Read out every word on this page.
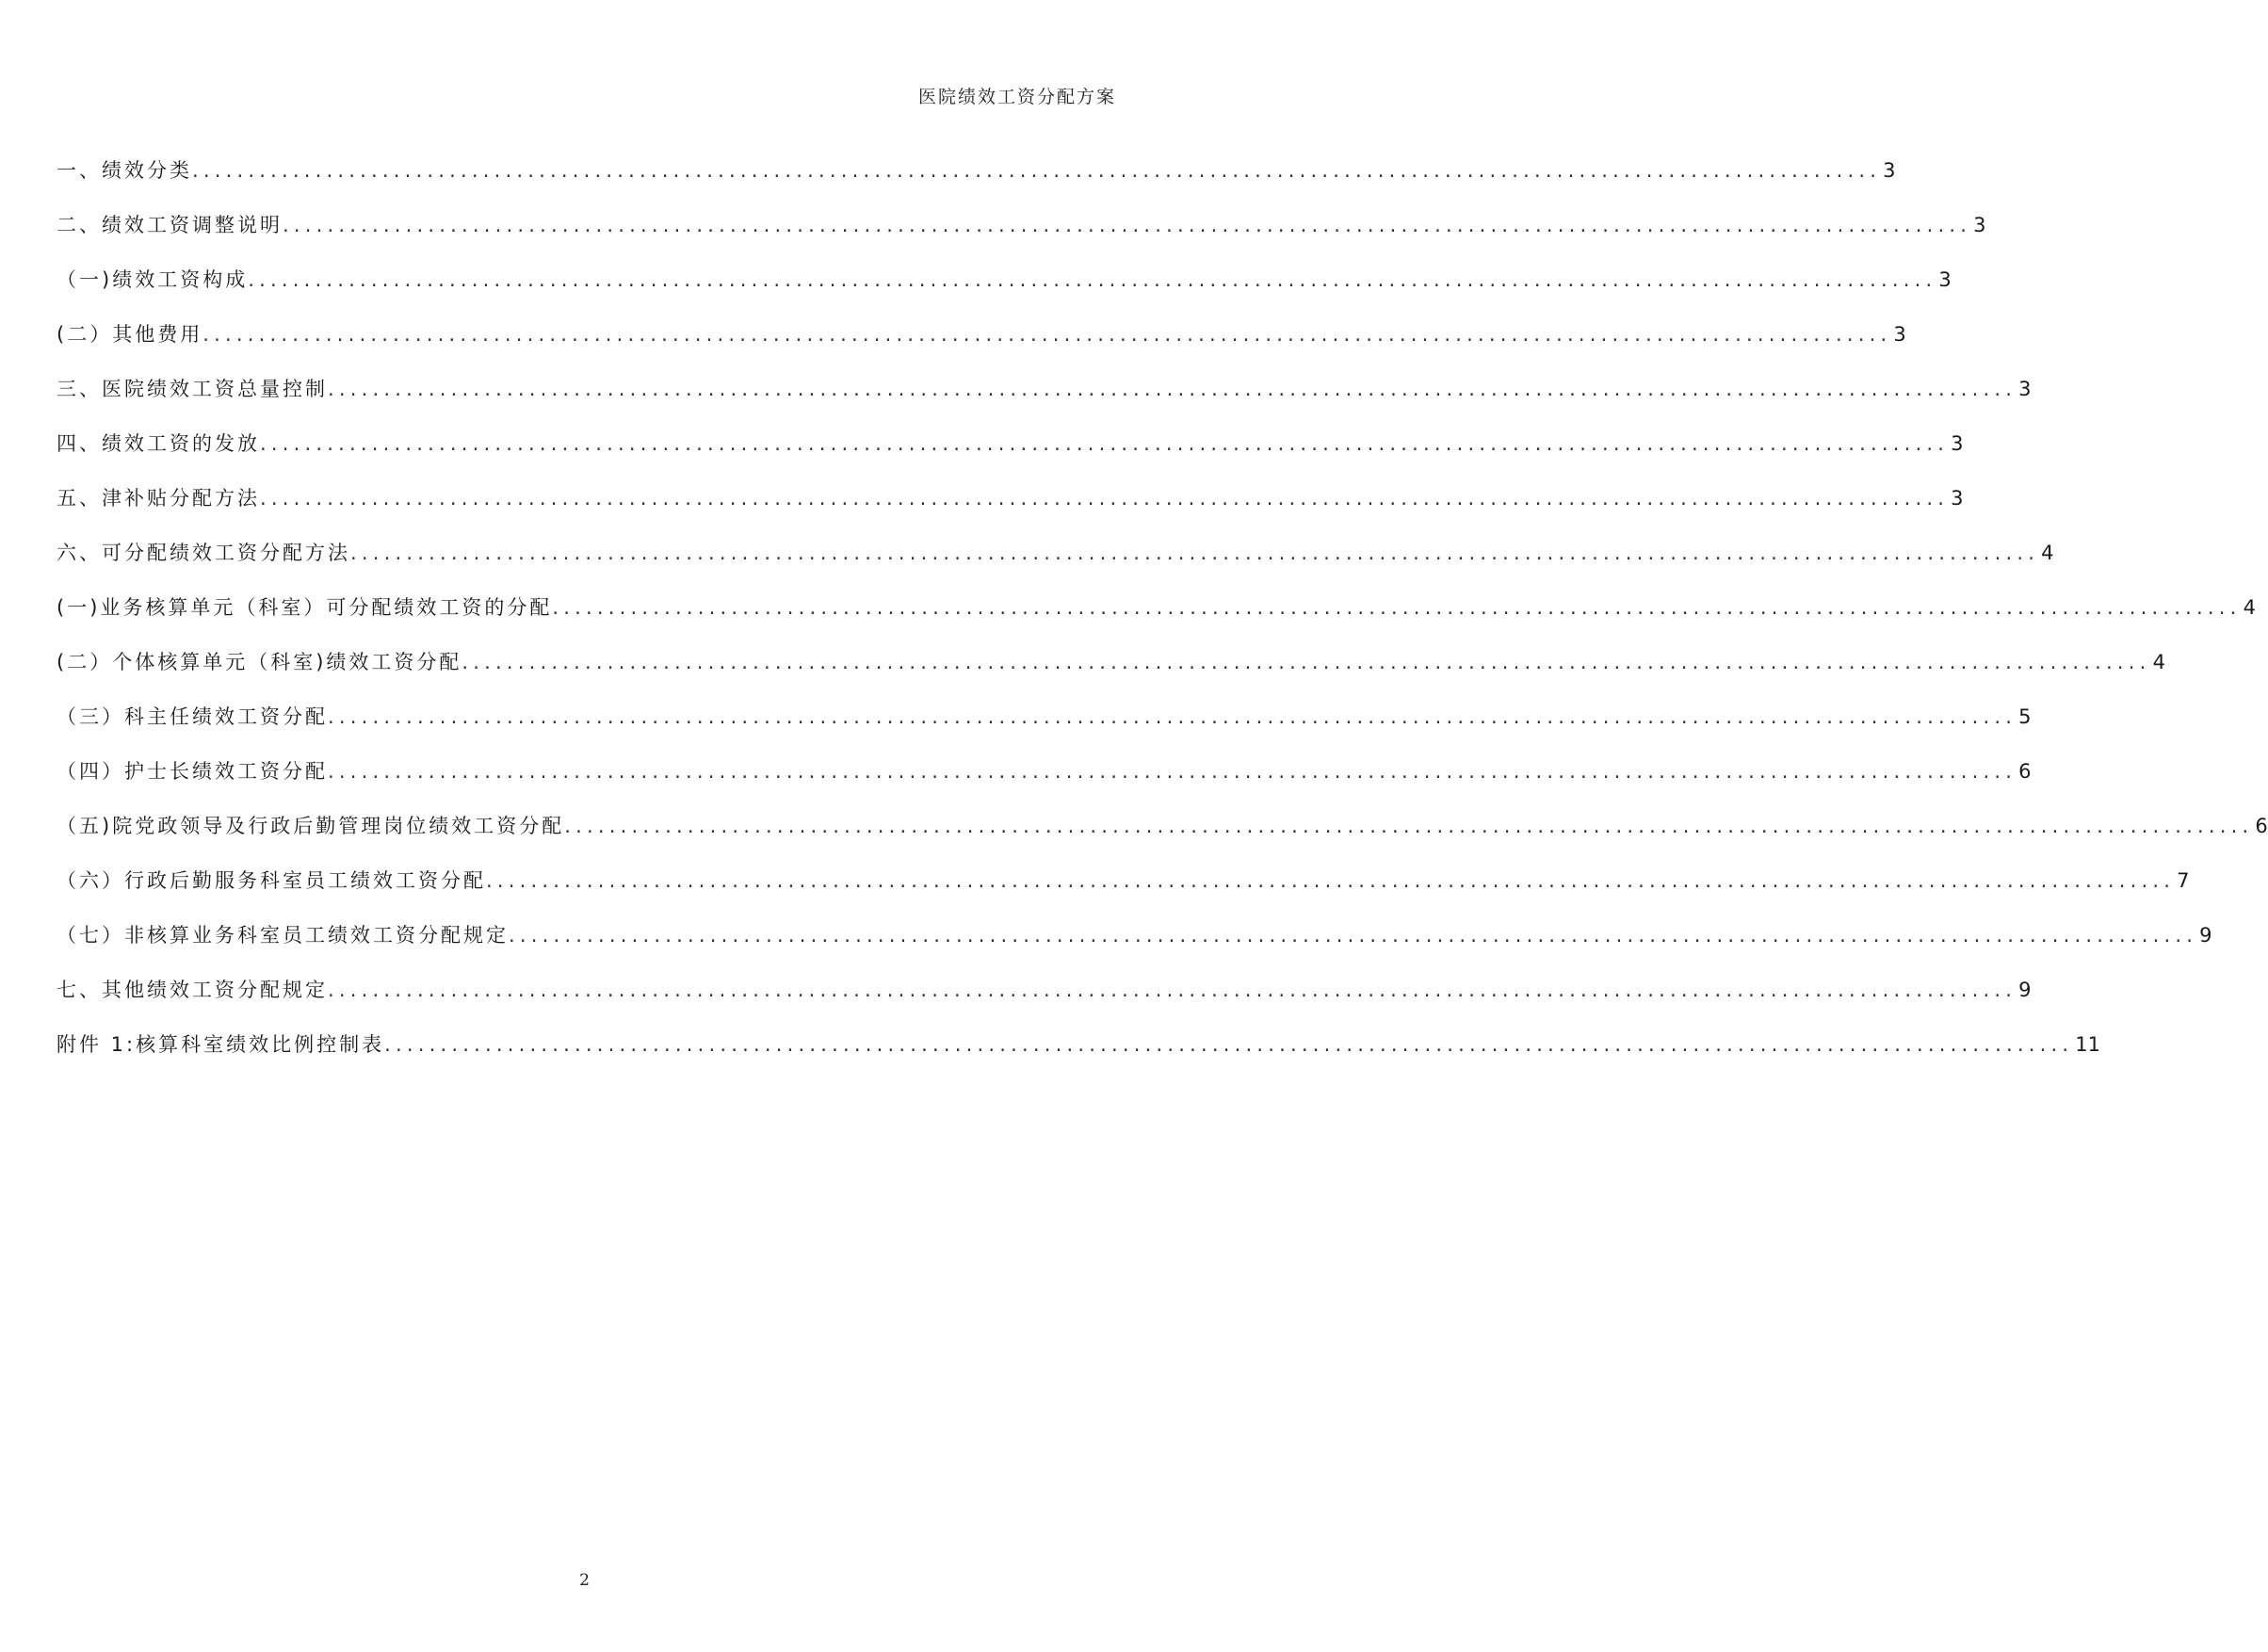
医院绩效工资分配方案
一、绩效分类 ....................................................................................................................................................... 3
二、绩效工资调整说明 ....................................................................................................................................................... 3
（一)绩效工资构成 ....................................................................................................................................................... 3
(二）其他费用 ....................................................................................................................................................... 3
三、医院绩效工资总量控制 ....................................................................................................................................................... 3
四、绩效工资的发放 ....................................................................................................................................................... 3
五、津补贴分配方法 ....................................................................................................................................................... 3
六、可分配绩效工资分配方法 ....................................................................................................................................................... 4
(一)业务核算单元（科室）可分配绩效工资的分配 ....................................................................................................................................................... 4
(二）个体核算单元（科室)绩效工资分配 ....................................................................................................................................................... 4
（三）科主任绩效工资分配 ....................................................................................................................................................... 5
（四）护士长绩效工资分配 ....................................................................................................................................................... 6
（五)院党政领导及行政后勤管理岗位绩效工资分配 ....................................................................................................................................................... 6
（六）行政后勤服务科室员工绩效工资分配 ....................................................................................................................................................... 7
（七）非核算业务科室员工绩效工资分配规定 ....................................................................................................................................................... 9
七、其他绩效工资分配规定 ....................................................................................................................................................... 9
附件 1:核算科室绩效比例控制表 ....................................................................................................................................................... 11
2
